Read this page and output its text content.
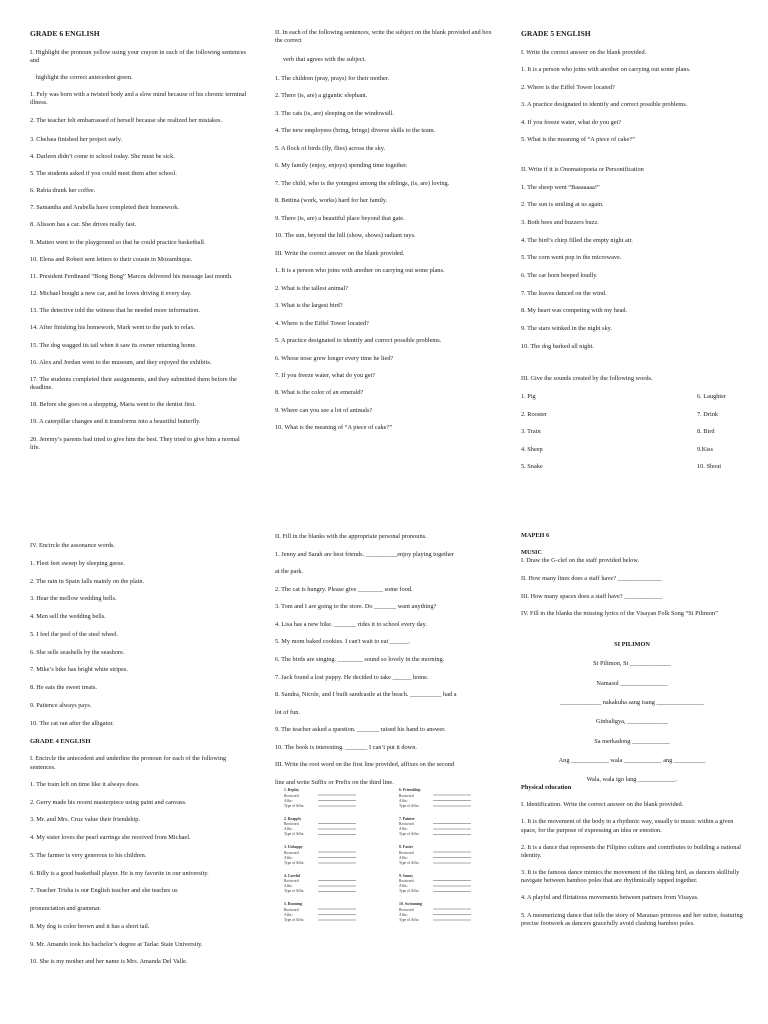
GRADE 6 ENGLISH

I. Highlight the pronoun yellow using your crayon in each of the following sentences and

highlight the correct antecedent green.

1. Fely was born with a twisted body and a slow mind because of his chronic terminal illness.

2. The teacher felt embarrassed of herself because she realized her mistakes.

3. Chelsea finished her project early.

4. Darleen didn’t come to school today. She must be sick.

5. The students asked if you could meet them after school.

6. Rabia drank her coffee.

7. Samantha and Arabella have completed their homework.

8. Alisson has a car. She drives really fast.

9. Matteo went to the playground so that he could practice basketball.

10. Elena and Robert sent letters to their cousin in Mozambique.

11. President Ferdinand “Bong Bong” Marcos delivered his message last month.

12. Michael bought a new car, and he loves driving it every day.

13. The detective told the witness that he needed more information.

14. After finishing his homework, Mark went to the park to relax.

15. The dog wagged its tail when it saw its owner returning home.

16. Alex and Jordan went to the museum, and they enjoyed the exhibits.

17. The students completed their assignments, and they submitted them before the deadline.

18. Before she goes on a shopping, Maria went to the dentist first.

19. A caterpillar changes and it transforms into a beautiful butterfly.

20. Jeremy’s parents had tried to give him the best. They tried to give him a normal life.

II. In each of the following sentences, write the subject on the blank provided and box the correct

verb that agrees with the subject.

1. The children (pray, prays) for their mother.

2. There (is, are) a gigantic elephant.

3. The cats (is, are) sleeping on the windowsill.

4. The new employees (bring, brings) diverse skills to the team.

5. A flock of birds (fly, flies) across the sky.

6. My family (enjoy, enjoys) spending time together.

7. The child, who is the youngest among the siblings, (is, are) loving.

8. Bettina (work, works) hard for her family.

9. There (is, are) a beautiful place beyond that gate.

10. The sun, beyond the hill (show, shows) radiant rays.

III. Write the correct answer on the blank provided.

1. It is a person who joins with another on carrying out some plans.

2. What is the tallest animal?

3. What is the largest bird?

4. Where is the Eiffel Tower located?

5. A practice designated to identify and correct possible problems.

6. Whose nose grew longer every time he lied?

7. If you freeze water, what do you get?

8. What is the color of an emerald?

9. Where can you see a lot of animals?

10. What is the meaning of “A piece of cake?”

GRADE 5 ENGLISH

I. Write the correct answer on the blank provided.

1. It is a person who joins with another on carrying out some plans.

2. Where is the Eiffel Tower located?

3. A practice designated to identify and correct possible problems.

4. If you freeze water, what do you get?

5. What is the meaning of “A piece of cake?”

II. Write if it is Onomatopoeia or Personification

1. The sheep went “Baaaaaaa!”

2. The sun is smiling at us again.

3. Both bees and buzzers buzz.

4. The bird’s chirp filled the empty night air.

5. The corn went pop in the microwave.

6. The car horn beeped loudly.

7. The leaves danced on the wind.

8. My heart was competing with my head.

9. The stars winked in the night sky.

10. The dog barked all night.

III. Give the sounds created by the following words.

1. Pig	6. Laughter
2. Rooster	7. Drink
3. Train	8. Bird
4. Sheep	9.Kiss
5. Snake	10. Shout

IV. Encircle the assonance words.

1. Fleet feet sweep by sleeping geese.

2. The rain in Spain falls mainly on the plain.

3. Hear the mellow wedding bells.

4. Men sell the wedding bells.

5. I feel the peel of the steel wheel.

6. She sells seashells by the seashore.

7. Mike’s bike has bright white stripes.

8. He eats the sweet treats.

9. Patience always pays.

10. The cat ran after the alligator.

GRADE 4 ENGLISH

I. Encircle the antecedent and underline the pronoun for each of the following sentences.

1. The train left on time like it always does.

2. Gerry made his recent masterpiece using paint and canvass.

3. Mr. and Mrs. Cruz value their friendship.

4. My sister loves the pearl earrings she received from Michael.

5. The farmer is very generous to his children.

6. Billy is a good basketball player. He is my favorite in our university.

7. Teacher Trisha is our English teacher and she teaches us

pronunciation and grammar.

8. My dog is color brown and it has a short tail.

9. Mr. Amando took his bachelor’s degree at Tarlac State University.

10. She is my mother and her name is Mrs. Amanda Del Valle.

II. Fill in the blanks with the appropriate personal pronouns.

1. Jenny and Sarah are best friends. __________enjoy playing together

at the park.

2. The cat is hungry. Please give ________ some food.

3. Tom and I are going to the store. Do _______ want anything?

4. Lisa has a new bike. _______ rides it to school every day.

5. My mom baked cookies. I can't wait to eat ______.

6. The birds are singing. ________ sound so lovely in the morning.

7. Jack found a lost puppy. He decided to take ______ home.

8. Sandra, Nicole, and I built sandcastle at the beach. __________ had a

lot of fun.

9. The teacher asked a question. _______ raised his hand to answer.

10. The book is interesting. _______ I can’t put it down.

III. Write the root word on the first line provided, affixes on the second

line and write Suffix or Prefix on the third line.

1. Replay
Rootword:
Affix:
Type of Affix:
2. Reapply
Rootword:
Affix:
Type of Affix:
3. Unhappy
Rootword:
Affix:
Type of Affix:
4. Careful
Rootword:
Affix:
Type of Affix:
5. Running
Rootword:
Affix:
Type of Affix:
6. Friendship
Rootword:
Affix:
Type of Affix:
7. Painter
Rootword:
Affix:
Type of Affix:
8. Faster
Rootword:
Affix:
Type of Affix:
9. Sunny
Rootword:
Affix:
Type of Affix:
10. Swimming
Rootword:
Affix:
Type of Affix:
MAPEH 6
MUSIC

I. Draw the G-clef on the staff provided below.

II. How many lines does a staff have? ______________

III. How many spaces does a staff have? ____________

IV. Fill in the blanks the missing lyrics of the Visayan Folk Song “Si Pilimon”

SI PILIMON

Si Pilimon, Si _____________

Namasol _______________

_____________ nakakuha sang isang _______________

Ginbaligya, _____________

Sa merkadong ____________

Ang ____________ wala ____________ ang __________

Wala, wala igo lang ____________.

Physical education

I. Identification. Write the correct answer on the blank provided.

1. It is the movement of the body in a rhythmic way, usually to music within a given space, for the purpose of expressing an idea or emotion.

2. It is a dance that represents the Filipino culture and contributes to building a national identity.

3. It is the famous dance mimics the movement of the tikling bird, as dancers skillfully navigate between bamboo poles that are rhythmically tapped together.

4. A playful and flirtatious movements between partners from Visayas.

5. A mesmerizing dance that tells the story of Maranao princess and her suitor, featuring precise footwork as dancers gracefully avoid clashing bamboo poles.
